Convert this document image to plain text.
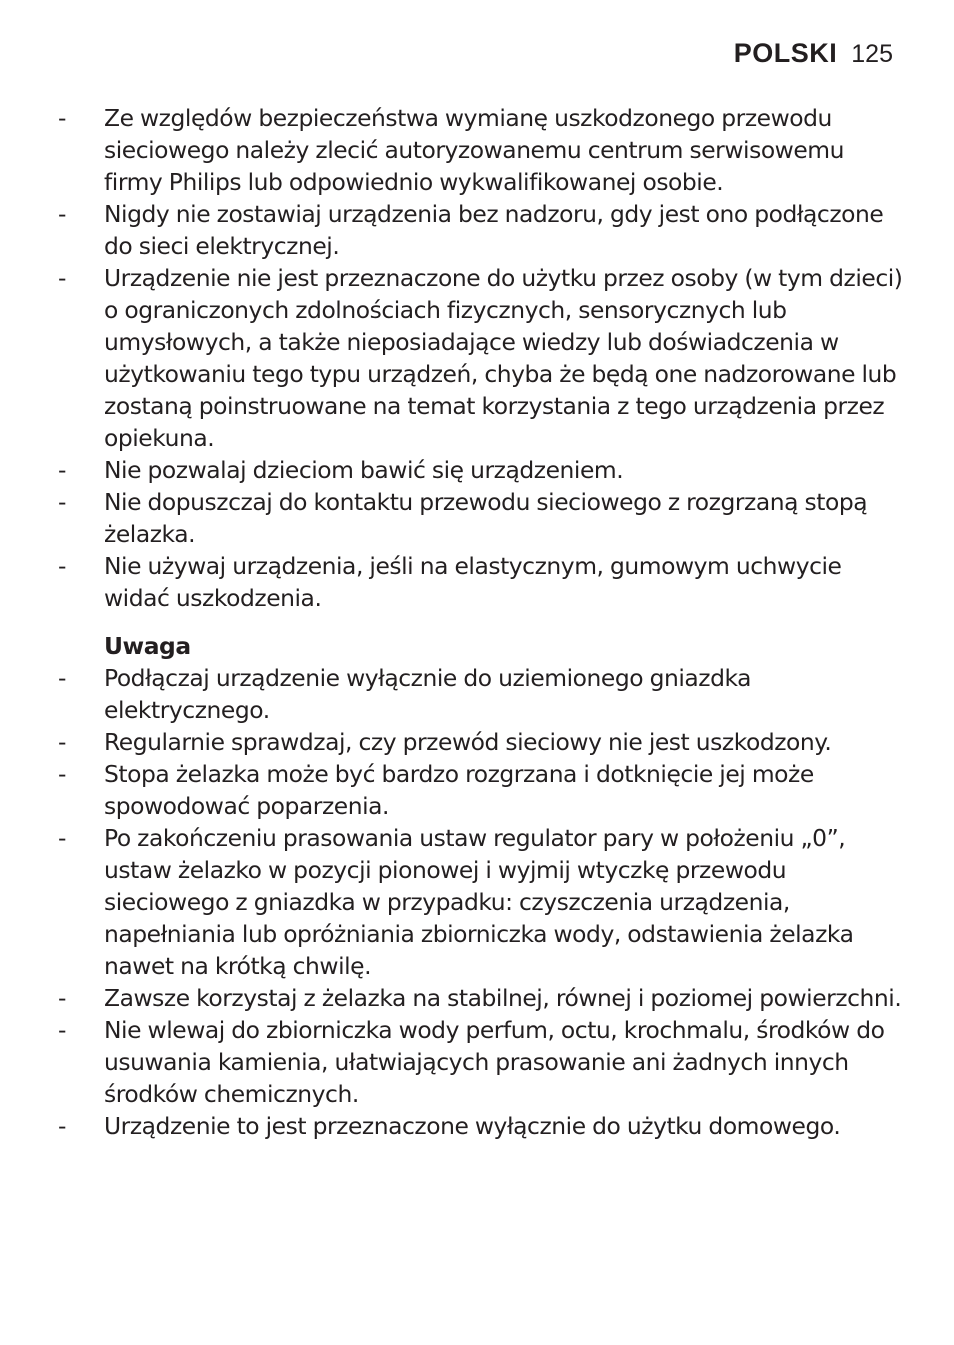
POLSKI 125
- Ze względów bezpieczeństwa wymianę uszkodzonego przewodu sieciowego należy zlecić autoryzowanemu centrum serwisowemu firmy Philips lub odpowiednio wykwalifikowanej osobie.
- Nigdy nie zostawiaj urządzenia bez nadzoru, gdy jest ono podłączone do sieci elektrycznej.
- Urządzenie nie jest przeznaczone do użytku przez osoby (w tym dzieci) o ograniczonych zdolnościach fizycznych, sensorycznych lub umysłowych, a także nieposiadające wiedzy lub doświadczenia w użytkowaniu tego typu urządzeń, chyba że będą one nadzorowane lub zostaną poinstruowane na temat korzystania z tego urządzenia przez opiekuna.
- Nie pozwalaj dzieciom bawić się urządzeniem.
- Nie dopuszczaj do kontaktu przewodu sieciowego z rozgrzaną stopą żelazka.
- Nie używaj urządzenia, jeśli na elastycznym, gumowym uchwycie widać uszkodzenia.
Uwaga
- Podłączaj urządzenie wyłącznie do uziemionego gniazdka elektrycznego.
- Regularnie sprawdzaj, czy przewód sieciowy nie jest uszkodzony.
- Stopa żelazka może być bardzo rozgrzana i dotknięcie jej może spowodować poparzenia.
- Po zakończeniu prasowania ustaw regulator pary w położeniu „0”, ustaw żelazko w pozycji pionowej i wyjmij wtyczkę przewodu sieciowego z gniazdka w przypadku: czyszczenia urządzenia, napełniania lub opróżniania zbiorniczka wody, odstawienia żelazka nawet na krótką chwilę.
- Zawsze korzystaj z żelazka na stabilnej, równej i poziomej powierzchni.
- Nie wlewaj do zbiorniczka wody perfum, octu, krochmalu, środków do usuwania kamienia, ułatwiających prasowanie ani żadnych innych środków chemicznych.
- Urządzenie to jest przeznaczone wyłącznie do użytku domowego.
